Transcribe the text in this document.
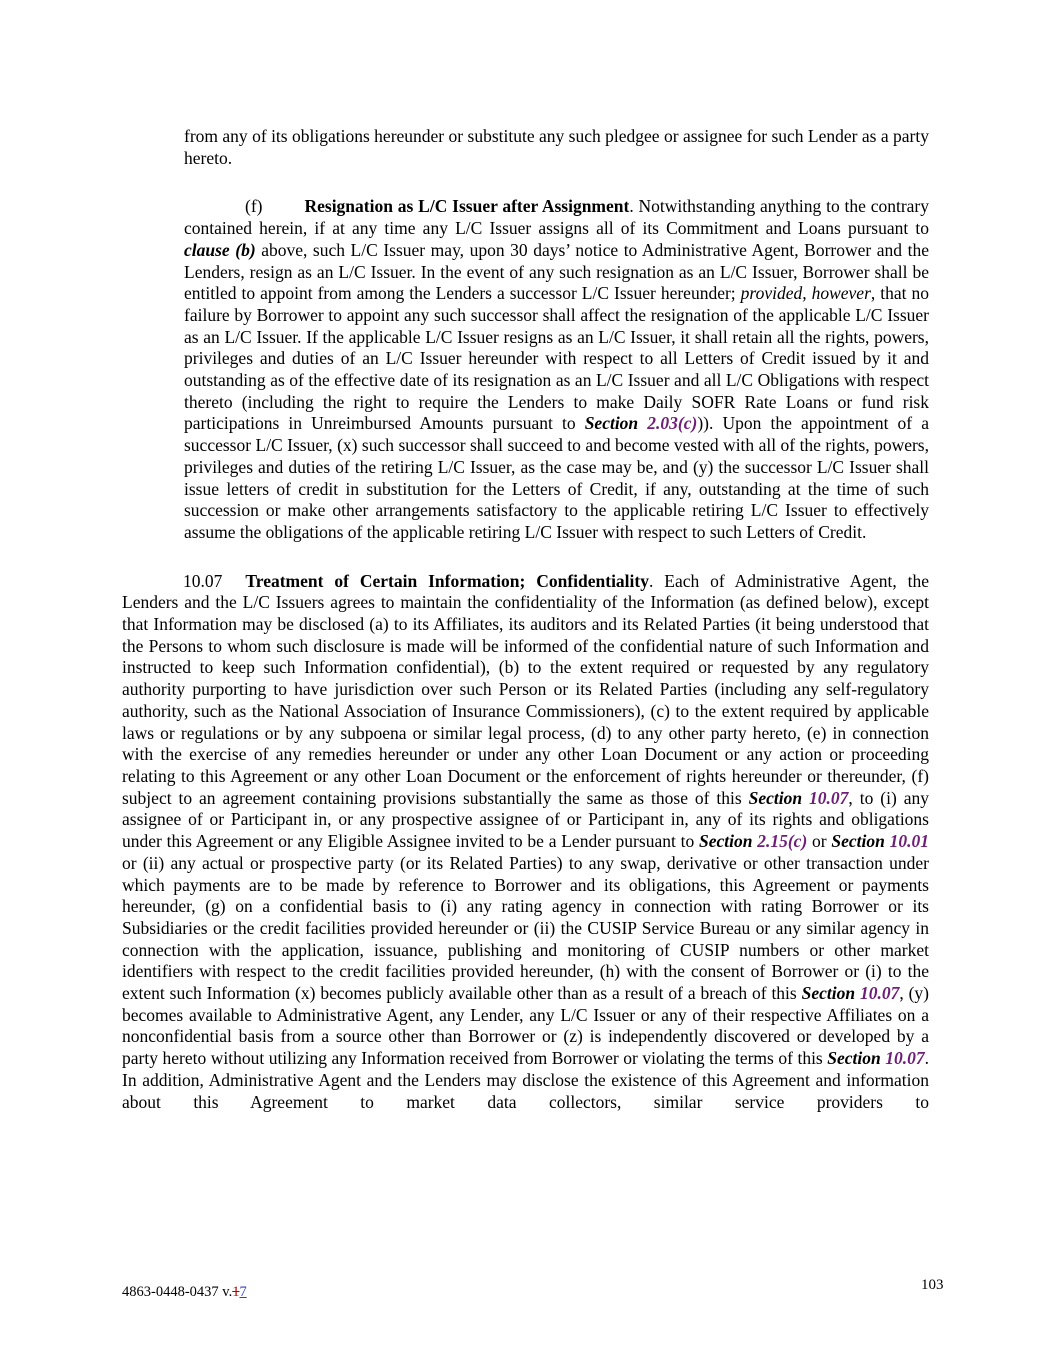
from any of its obligations hereunder or substitute any such pledgee or assignee for such Lender as a party hereto.

(f) Resignation as L/C Issuer after Assignment. Notwithstanding anything to the contrary contained herein, if at any time any L/C Issuer assigns all of its Commitment and Loans pursuant to clause (b) above, such L/C Issuer may, upon 30 days’ notice to Administrative Agent, Borrower and the Lenders, resign as an L/C Issuer. In the event of any such resignation as an L/C Issuer, Borrower shall be entitled to appoint from among the Lenders a successor L/C Issuer hereunder; provided, however, that no failure by Borrower to appoint any such successor shall affect the resignation of the applicable L/C Issuer as an L/C Issuer. If the applicable L/C Issuer resigns as an L/C Issuer, it shall retain all the rights, powers, privileges and duties of an L/C Issuer hereunder with respect to all Letters of Credit issued by it and outstanding as of the effective date of its resignation as an L/C Issuer and all L/C Obligations with respect thereto (including the right to require the Lenders to make Daily SOFR Rate Loans or fund risk participations in Unreimbursed Amounts pursuant to Section 2.03(c))). Upon the appointment of a successor L/C Issuer, (x) such successor shall succeed to and become vested with all of the rights, powers, privileges and duties of the retiring L/C Issuer, as the case may be, and (y) the successor L/C Issuer shall issue letters of credit in substitution for the Letters of Credit, if any, outstanding at the time of such succession or make other arrangements satisfactory to the applicable retiring L/C Issuer to effectively assume the obligations of the applicable retiring L/C Issuer with respect to such Letters of Credit.

10.07 Treatment of Certain Information; Confidentiality. Each of Administrative Agent, the Lenders and the L/C Issuers agrees to maintain the confidentiality of the Information (as defined below), except that Information may be disclosed (a) to its Affiliates, its auditors and its Related Parties (it being understood that the Persons to whom such disclosure is made will be informed of the confidential nature of such Information and instructed to keep such Information confidential), (b) to the extent required or requested by any regulatory authority purporting to have jurisdiction over such Person or its Related Parties (including any self-regulatory authority, such as the National Association of Insurance Commissioners), (c) to the extent required by applicable laws or regulations or by any subpoena or similar legal process, (d) to any other party hereto, (e) in connection with the exercise of any remedies hereunder or under any other Loan Document or any action or proceeding relating to this Agreement or any other Loan Document or the enforcement of rights hereunder or thereunder, (f) subject to an agreement containing provisions substantially the same as those of this Section 10.07, to (i) any assignee of or Participant in, or any prospective assignee of or Participant in, any of its rights and obligations under this Agreement or any Eligible Assignee invited to be a Lender pursuant to Section 2.15(c) or Section 10.01 or (ii) any actual or prospective party (or its Related Parties) to any swap, derivative or other transaction under which payments are to be made by reference to Borrower and its obligations, this Agreement or payments hereunder, (g) on a confidential basis to (i) any rating agency in connection with rating Borrower or its Subsidiaries or the credit facilities provided hereunder or (ii) the CUSIP Service Bureau or any similar agency in connection with the application, issuance, publishing and monitoring of CUSIP numbers or other market identifiers with respect to the credit facilities provided hereunder, (h) with the consent of Borrower or (i) to the extent such Information (x) becomes publicly available other than as a result of a breach of this Section 10.07, (y) becomes available to Administrative Agent, any Lender, any L/C Issuer or any of their respective Affiliates on a nonconfidential basis from a source other than Borrower or (z) is independently discovered or developed by a party hereto without utilizing any Information received from Borrower or violating the terms of this Section 10.07. In addition, Administrative Agent and the Lenders may disclose the existence of this Agreement and information about this Agreement to market data collectors, similar service providers to

4863-0448-0437 v.17	103
